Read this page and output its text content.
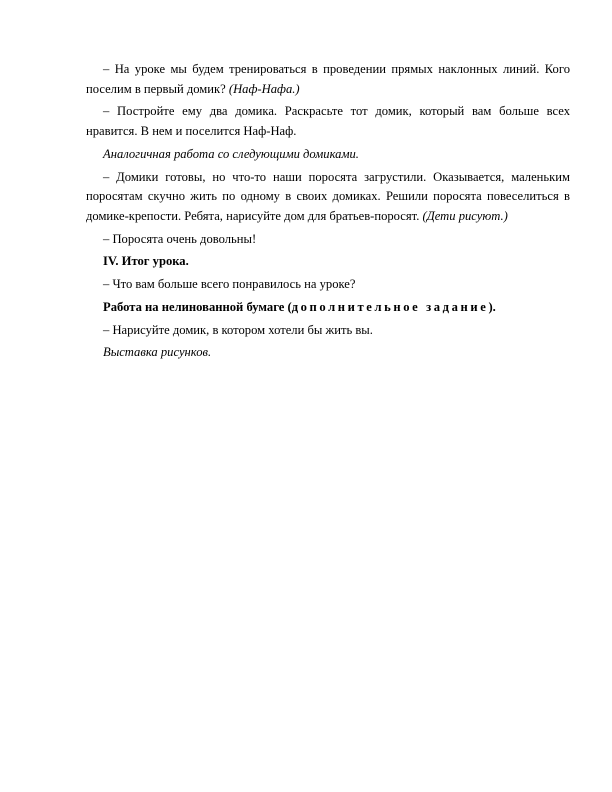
– На уроке мы будем тренироваться в проведении прямых наклонных линий. Кого поселим в первый домик? (Наф-Нафа.)

– Постройте ему два домика. Раскрасьте тот домик, который вам больше всех нравится. В нем и поселится Наф-Наф.

Аналогичная работа со следующими домиками.

– Домики готовы, но что-то наши поросята загрустили. Оказывается, маленьким поросятам скучно жить по одному в своих домиках. Решили поросята повеселиться в домике-крепости. Ребята, нарисуйте дом для братьев-поросят. (Дети рисуют.)

– Поросята очень довольны!

IV. Итог урока.

– Что вам больше всего понравилось на уроке?

Работа на нелинованной бумаге (дополнительное задание).

– Нарисуйте домик, в котором хотели бы жить вы.

Выставка рисунков.
